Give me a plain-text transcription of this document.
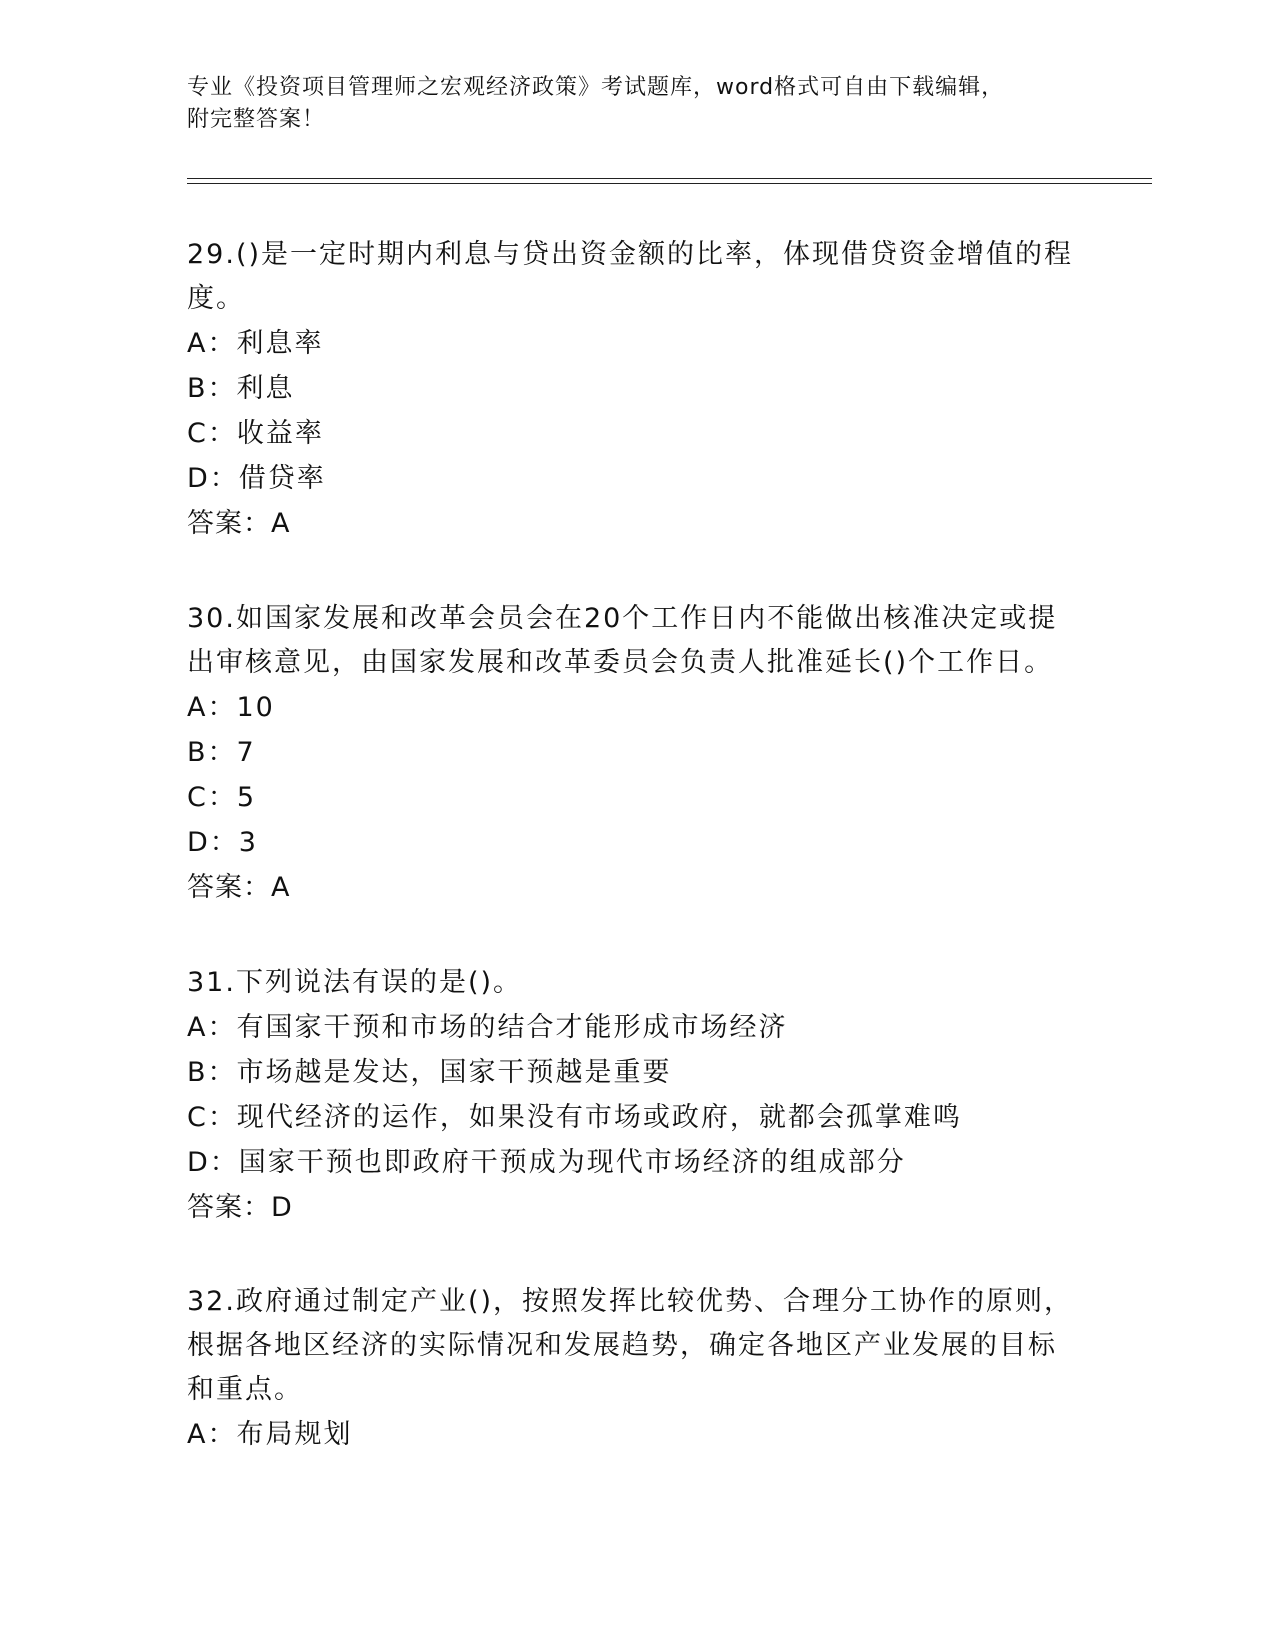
专业《投资项目管理师之宏观经济政策》考试题库，word格式可自由下载编辑，
附完整答案！

29.()是一定时期内利息与贷出资金额的比率，体现借贷资金增值的程

度。

A：利息率

B：利息

C：收益率

D：借贷率

答案：A

30.如国家发展和改革会员会在20个工作日内不能做出核准决定或提

出审核意见，由国家发展和改革委员会负责人批准延长()个工作日。

A：10

B：7

C：5

D：3

答案：A

31.下列说法有误的是()。

A：有国家干预和市场的结合才能形成市场经济

B：市场越是发达，国家干预越是重要

C：现代经济的运作，如果没有市场或政府，就都会孤掌难鸣

D：国家干预也即政府干预成为现代市场经济的组成部分

答案：D

32.政府通过制定产业()，按照发挥比较优势、合理分工协作的原则，

根据各地区经济的实际情况和发展趋势，确定各地区产业发展的目标

和重点。

A：布局规划
